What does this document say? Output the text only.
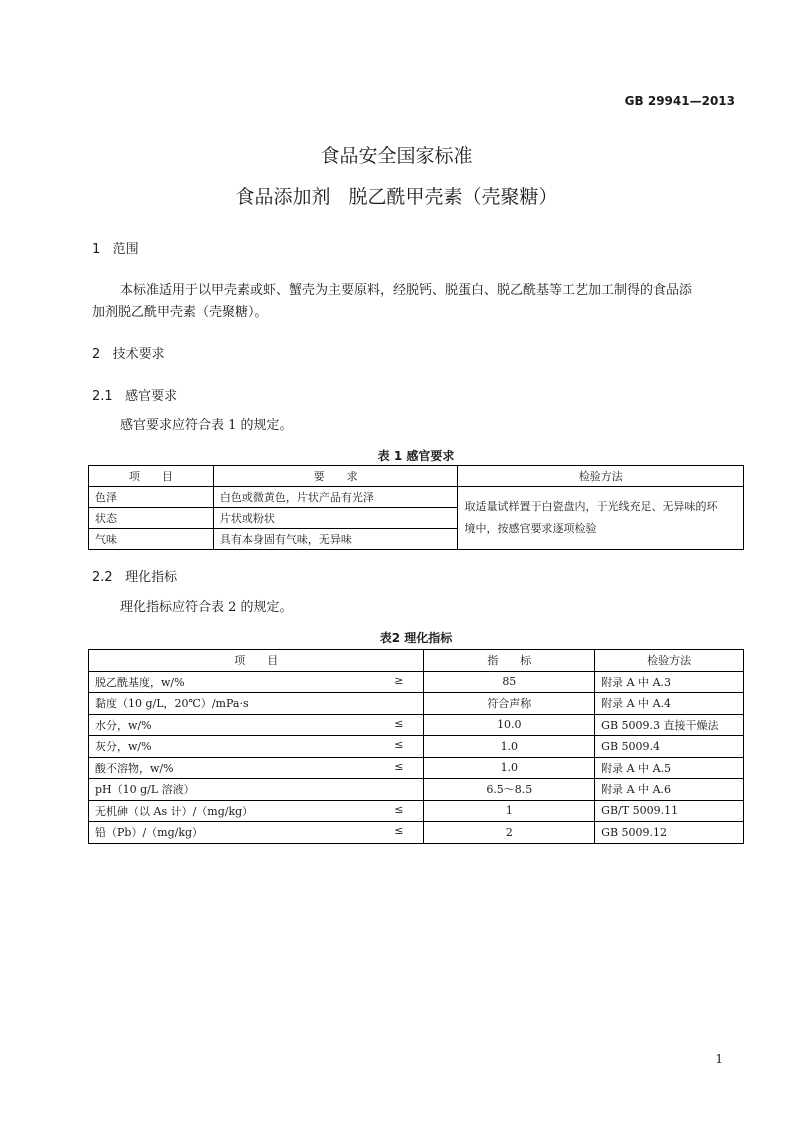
GB 29941—2013
食品安全国家标准
食品添加剂   脱乙酰甲壳素（壳聚糖）
1   范围
本标准适用于以甲壳素或虾、蟹壳为主要原料，经脱钙、脱蛋白、脱乙酰基等工艺加工制得的食品添
加剂脱乙酰甲壳素（壳聚糖）。
2   技术要求
2.1   感官要求
感官要求应符合表 1 的规定。
表 1 感官要求
项　　目	要　　求	检验方法
色泽	白色或微黄色，片状产品有光泽	取适量试样置于白瓷盘内，于光线充足、无异味的环
境中，按感官要求逐项检验
状态	片状或粉状	
气味	具有本身固有气味，无异味	
2.2   理化指标
理化指标应符合表 2 的规定。
表2 理化指标
项　　目	指　　标	检验方法
脱乙酰基度，w/% ≥	85	附录 A 中 A.3
黏度（10 g/L，20℃）/mPa·s	符合声称	附录 A 中 A.4
水分，w/% ≤	10.0	GB 5009.3 直接干燥法
灰分，w/% ≤	1.0	GB 5009.4
酸不溶物，w/% ≤	1.0	附录 A 中 A.5
pH（10 g/L 溶液）	6.5～8.5	附录 A 中 A.6
无机砷（以 As 计）/（mg/kg） ≤	1	GB/T 5009.11
铅（Pb）/（mg/kg） ≤	2	GB 5009.12
1
